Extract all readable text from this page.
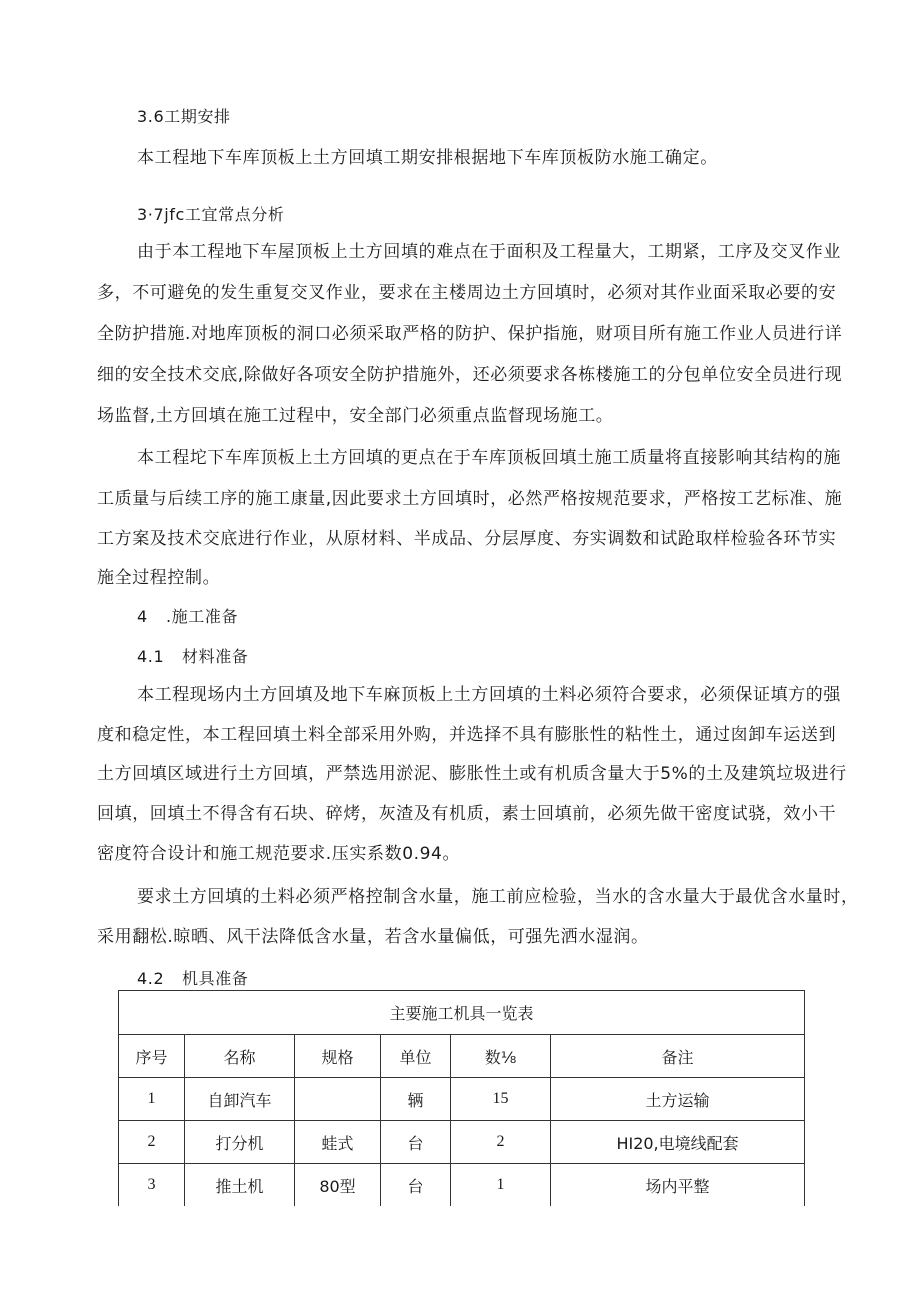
3.6工期安排
本工程地下车库顶板上土方回填工期安排根据地下车库顶板防水施工确定。
3·7jfc工宜常点分析
由于本工程地下车屋顶板上土方回填的难点在于面积及工程量大，工期紧，工序及交叉作业
多，不可避免的发生重复交叉作业，要求在主楼周边土方回填时，必须对其作业面采取必要的安
全防护措施.对地库顶板的洞口必须采取严格的防护、保护指施，财项目所有施工作业人员进行详
细的安全技术交底,除做好各项安全防护措施外，还必须要求各栋楼施工的分包单位安全员进行现
场监督,土方回填在施工过程中，安全部门必须重点监督现场施工。
本工程坨下车库顶板上土方回填的更点在于车库顶板回填土施工质量将直接影响其结构的施
工质量与后续工序的施工康量,因此要求土方回填时，必然严格按规范要求，严格按工艺标准、施
工方案及技术交底进行作业，从原材料、半成品、分层厚度、夯实调数和试跄取样检验各环节实
施全过程控制。
4 .施工准备
4.1 材料准备
本工程现场内土方回填及地下车麻顶板上土方回填的土料必须符合要求，必须保证填方的强
度和稳定性，本工程回填土料全部采用外购，并选择不具有膨胀性的粘性土，通过囱卸车运送到
土方回填区域进行土方回填，严禁选用淤泥、膨胀性土或有机质含量大于5%的土及建筑垃圾进行
回填，回填土不得含有石块、碎烤，灰渣及有机质，素士回填前，必须先做干密度试骁，效小干
密度符合设计和施工规范要求.压实系数0.94。
要求土方回填的土料必须严格控制含水量，施工前应检验，当水的含水量大于最优含水量时，
采用翻松.晾晒、风干法降低含水量，若含水量偏低，可强先洒水湿润。
4.2 机具准备
主要施工机具一览表					
序号	名称	规格	单位	数⅛	备注
1	自卸汽车		辆	15	土方运输
2	打分机	蛙式	台	2	HI20,电境线配套
3	推土机	80型	台	1	场内平整
